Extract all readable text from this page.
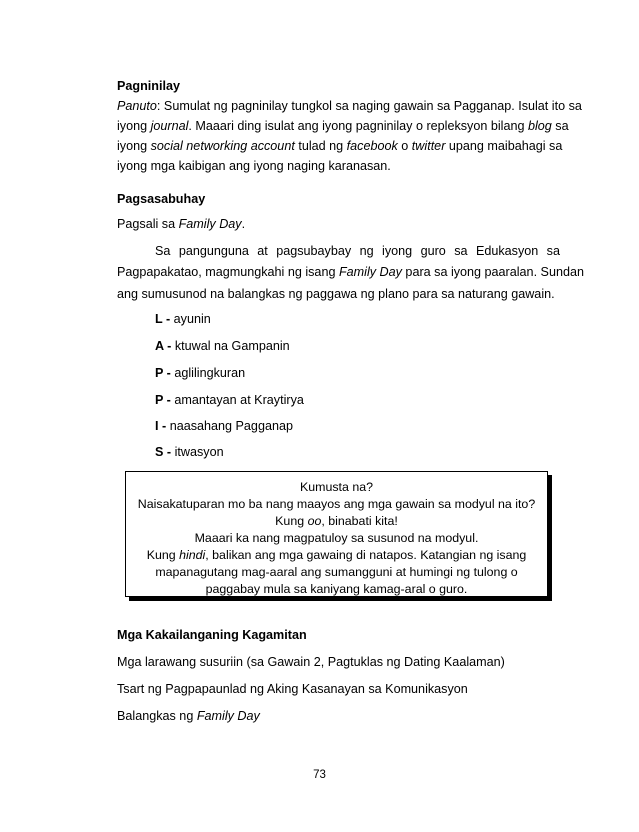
Pagninilay
Panuto: Sumulat ng pagninilay tungkol sa naging gawain sa Pagganap. Isulat ito sa
iyong journal. Maaari ding isulat ang iyong pagninilay o repleksyon bilang blog sa
iyong social networking account tulad ng facebook o twitter upang maibahagi sa
iyong mga kaibigan ang iyong naging karanasan.
Pagsasabuhay
Pagsali sa Family Day.
Sa pangunguna at pagsubaybay ng iyong guro sa Edukasyon sa
Pagpapakatao, magmungkahi ng isang Family Day para sa iyong paaralan. Sundan
ang sumusunod na balangkas ng paggawa ng plano para sa naturang gawain.
L - ayunin
A - ktuwal na Gampanin
P - aglilingkuran
P - amantayan at Kraytirya
I - naasahang Pagganap
S - itwasyon
Kumusta na?
Naisakatuparan mo ba nang maayos ang mga gawain sa modyul na ito?
Kung oo, binabati kita!
Maaari ka nang magpatuloy sa susunod na modyul.
Kung hindi, balikan ang mga gawaing di natapos. Katangian ng isang
mapanagutang mag-aaral ang sumangguni at humingi ng tulong o
paggabay mula sa kaniyang kamag-aral o guro.
Mga Kakailanganing Kagamitan
Mga larawang susuriin (sa Gawain 2, Pagtuklas ng Dating Kaalaman)
Tsart ng Pagpapaunlad ng Aking Kasanayan sa Komunikasyon
Balangkas ng Family Day
73
